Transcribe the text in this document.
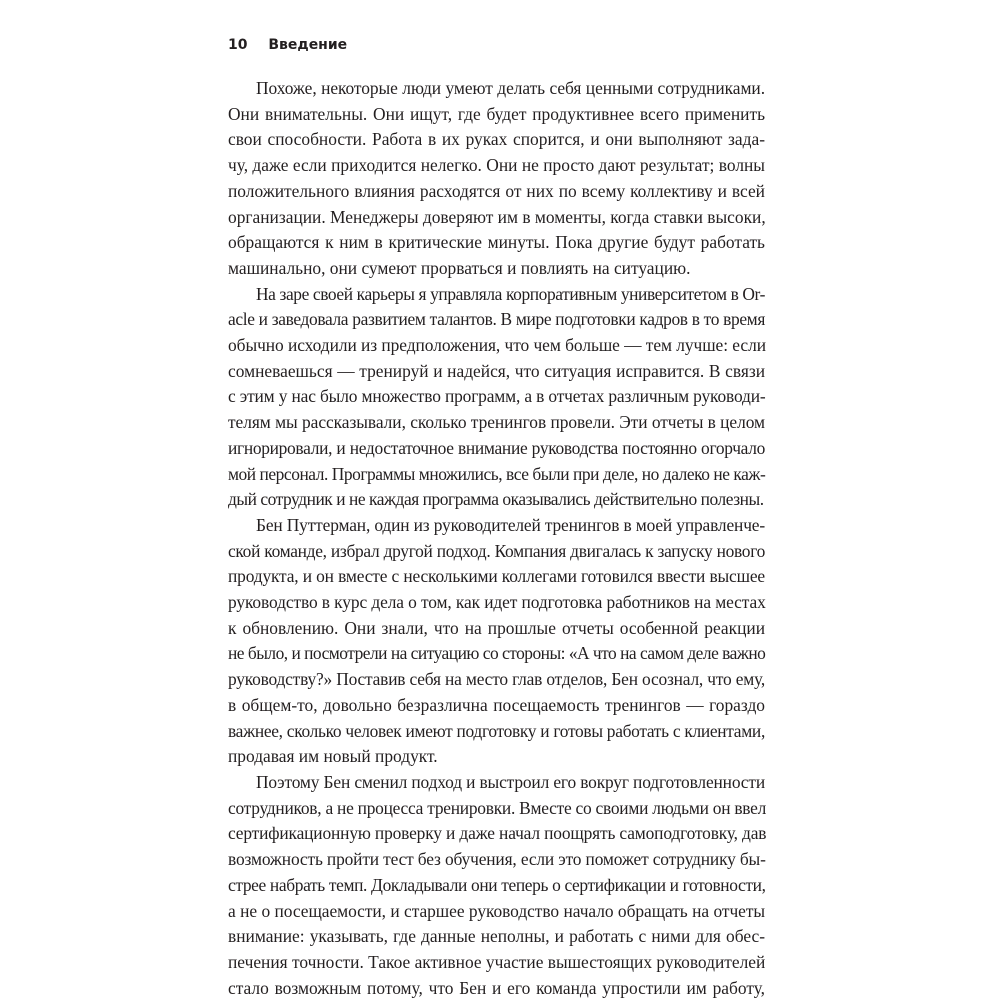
10 Введение
Похоже, некоторые люди умеют делать себя ценными сотрудниками.
Они внимательны. Они ищут, где будет продуктивнее всего применить
свои способности. Работа в их руках спорится, и они выполняют зада-
чу, даже если приходится нелегко. Они не просто дают результат; волны
положительного влияния расходятся от них по всему коллективу и всей
организации. Менеджеры доверяют им в моменты, когда ставки высоки,
обращаются к ним в критические минуты. Пока другие будут работать
машинально, они сумеют прорваться и повлиять на ситуацию.
На заре своей карьеры я управляла корпоративным университетом в Or-
acle и заведовала развитием талантов. В мире подготовки кадров в то время
обычно исходили из предположения, что чем больше — тем лучше: если
сомневаешься — тренируй и надейся, что ситуация исправится. В связи
с этим у нас было множество программ, а в отчетах различным руководи-
телям мы рассказывали, сколько тренингов провели. Эти отчеты в целом
игнорировали, и недостаточное внимание руководства постоянно огорчало
мой персонал. Программы множились, все были при деле, но далеко не каж-
дый сотрудник и не каждая программа оказывались действительно полезны.
Бен Путтерман, один из руководителей тренингов в моей управленче-
ской команде, избрал другой подход. Компания двигалась к запуску нового
продукта, и он вместе с несколькими коллегами готовился ввести высшее
руководство в курс дела о том, как идет подготовка работников на местах
к обновлению. Они знали, что на прошлые отчеты особенной реакции
не было, и посмотрели на ситуацию со стороны: «А что на самом деле важно
руководству?» Поставив себя на место глав отделов, Бен осознал, что ему,
в общем-то, довольно безразлична посещаемость тренингов — гораздо
важнее, сколько человек имеют подготовку и готовы работать с клиентами,
продавая им новый продукт.
Поэтому Бен сменил подход и выстроил его вокруг подготовленности
сотрудников, а не процесса тренировки. Вместе со своими людьми он ввел
сертификационную проверку и даже начал поощрять самоподготовку, дав
возможность пройти тест без обучения, если это поможет сотруднику бы-
стрее набрать темп. Докладывали они теперь о сертификации и готовности,
а не о посещаемости, и старшее руководство начало обращать на отчеты
внимание: указывать, где данные неполны, и работать с ними для обес-
печения точности. Такое активное участие вышестоящих руководителей
стало возможным потому, что Бен и его команда упростили им работу,
